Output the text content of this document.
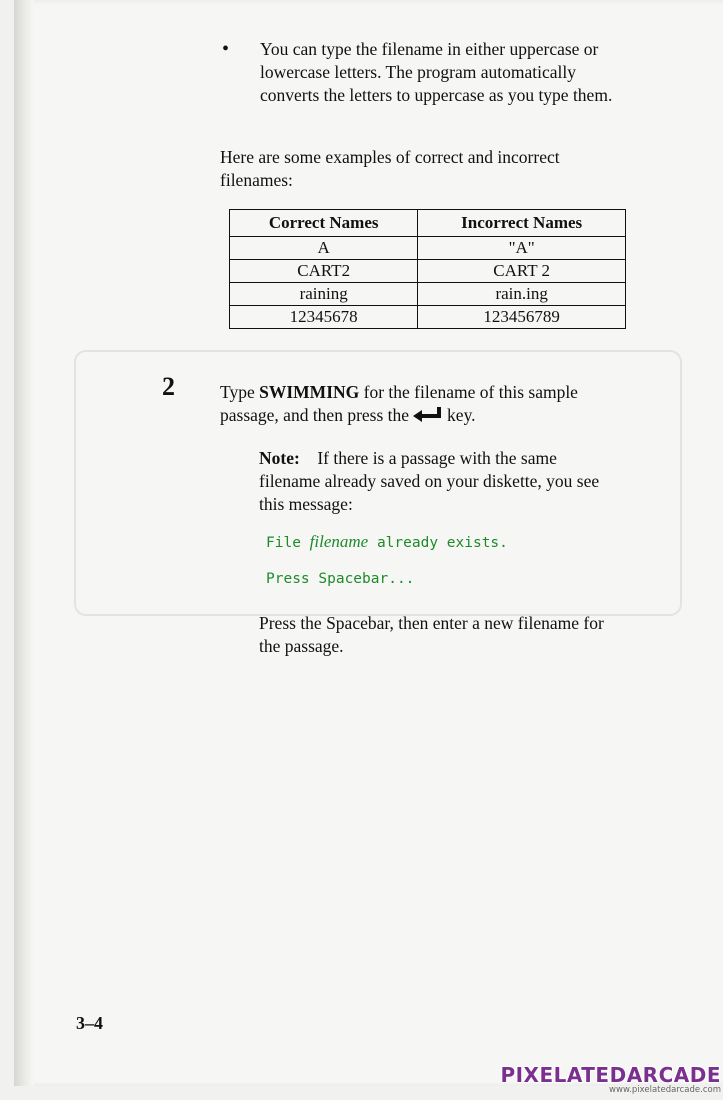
• You can type the filename in either uppercase or lowercase letters. The program automatically converts the letters to uppercase as you type them.
Here are some examples of correct and incorrect filenames:
Correct Names	Incorrect Names
A	"A"
CART2	CART 2
raining	rain.ing
12345678	123456789
2	Type SWIMMING for the filename of this sample passage, and then press the key.
Note: If there is a passage with the same filename already saved on your diskette, you see this message:
File filename already exists.
Press Spacebar...
Press the Spacebar, then enter a new filename for the passage.
3–4
PIXELATEDARCADE
www.pixelatedarcade.com
